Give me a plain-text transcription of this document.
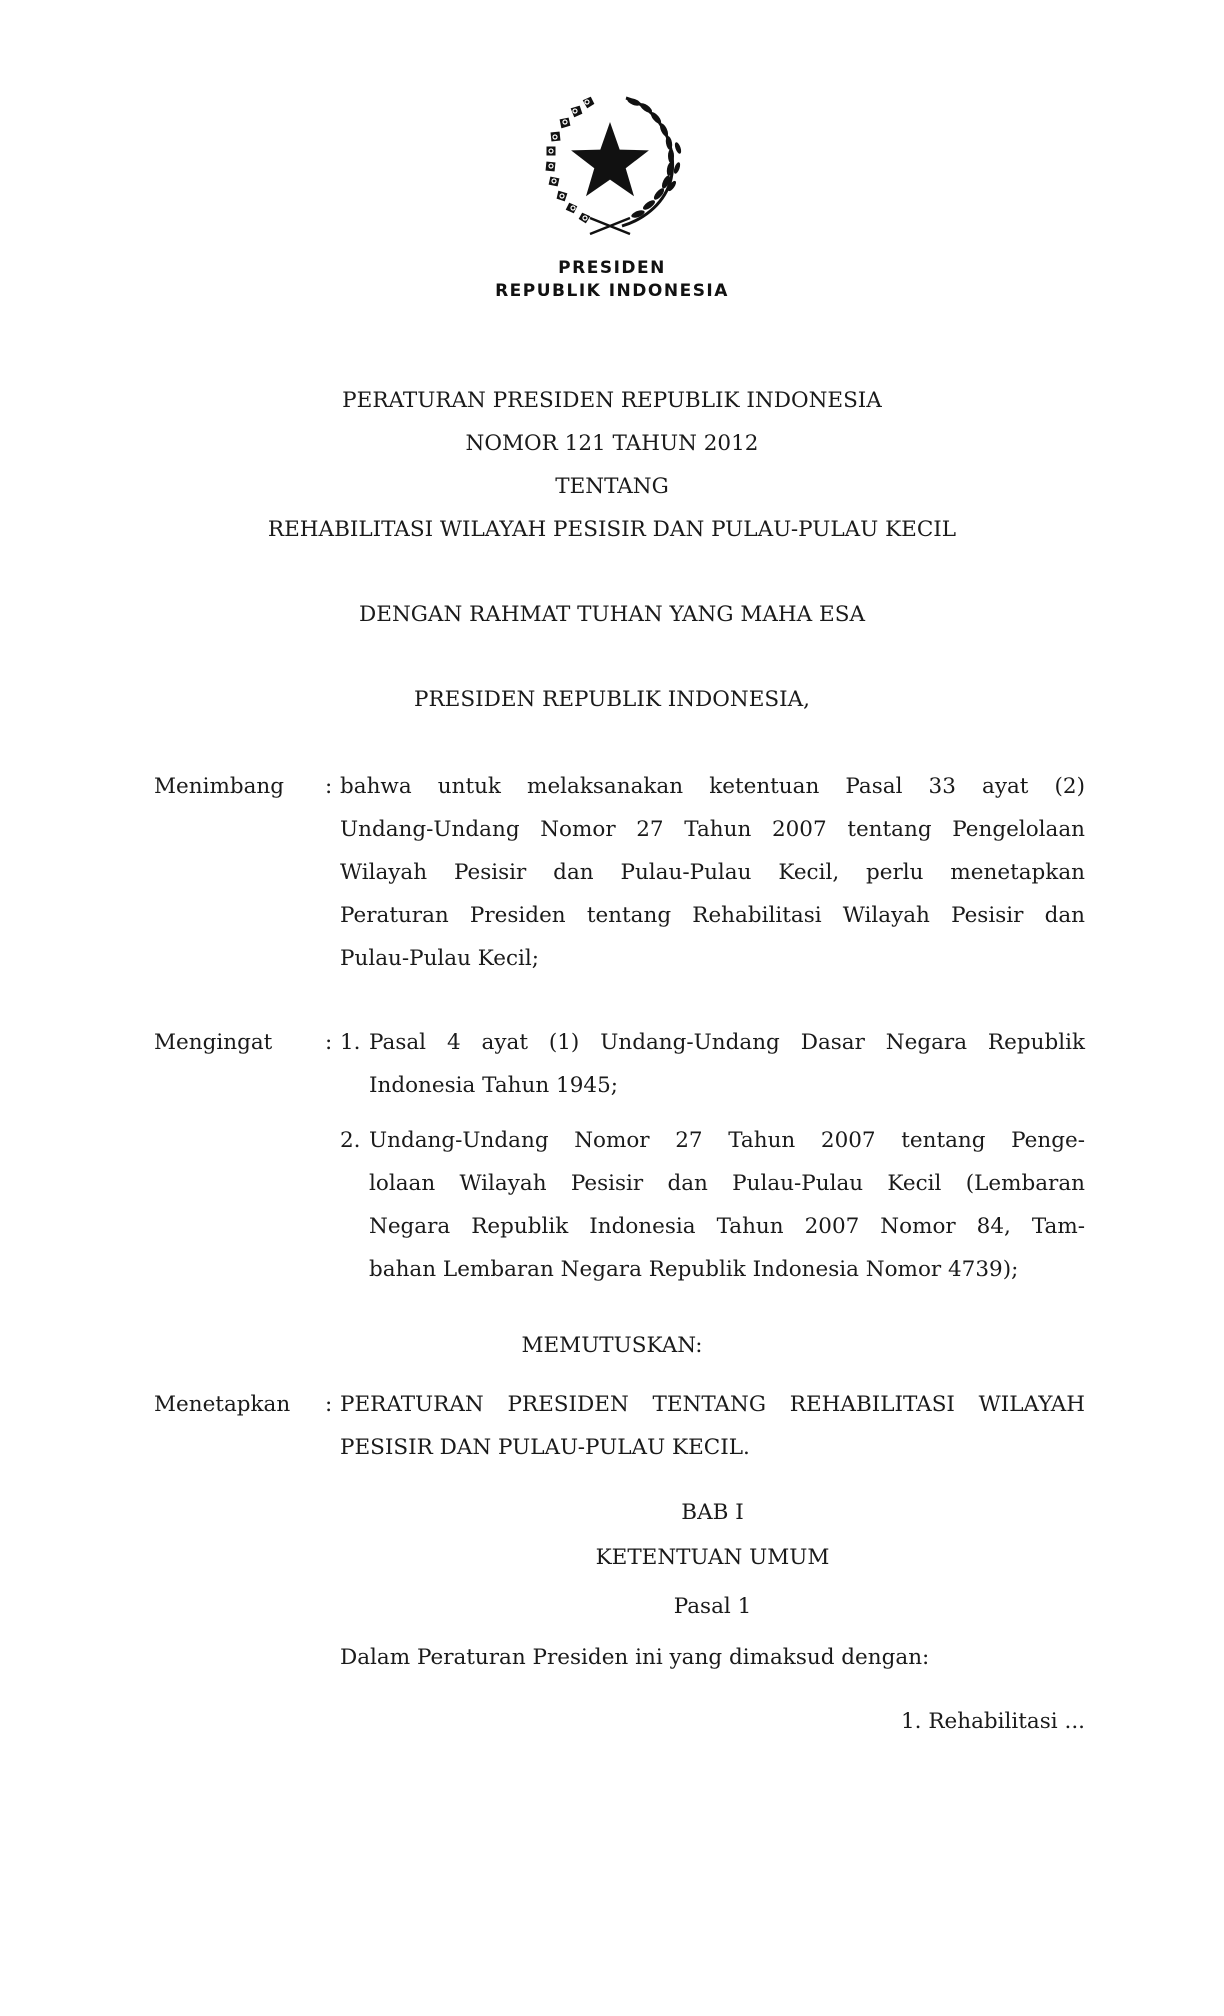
PRESIDEN
REPUBLIK INDONESIA
PERATURAN PRESIDEN REPUBLIK INDONESIA
NOMOR 121 TAHUN 2012
TENTANG
REHABILITASI WILAYAH PESISIR DAN PULAU-PULAU KECIL
DENGAN RAHMAT TUHAN YANG MAHA ESA
PRESIDEN REPUBLIK INDONESIA,
Menimbang : bahwa untuk melaksanakan ketentuan Pasal 33 ayat (2)
Undang-Undang Nomor 27 Tahun 2007 tentang Pengelolaan
Wilayah Pesisir dan Pulau-Pulau Kecil, perlu menetapkan
Peraturan Presiden tentang Rehabilitasi Wilayah Pesisir dan
Pulau-Pulau Kecil;
Mengingat : 1. Pasal 4 ayat (1) Undang-Undang Dasar Negara Republik
Indonesia Tahun 1945;
2. Undang-Undang Nomor 27 Tahun 2007 tentang Penge-
lolaan Wilayah Pesisir dan Pulau-Pulau Kecil (Lembaran
Negara Republik Indonesia Tahun 2007 Nomor 84, Tam-
bahan Lembaran Negara Republik Indonesia Nomor 4739);
MEMUTUSKAN:
Menetapkan : PERATURAN PRESIDEN TENTANG REHABILITASI WILAYAH
PESISIR DAN PULAU-PULAU KECIL.
BAB I
KETENTUAN UMUM
Pasal 1
Dalam Peraturan Presiden ini yang dimaksud dengan:
1. Rehabilitasi ...
